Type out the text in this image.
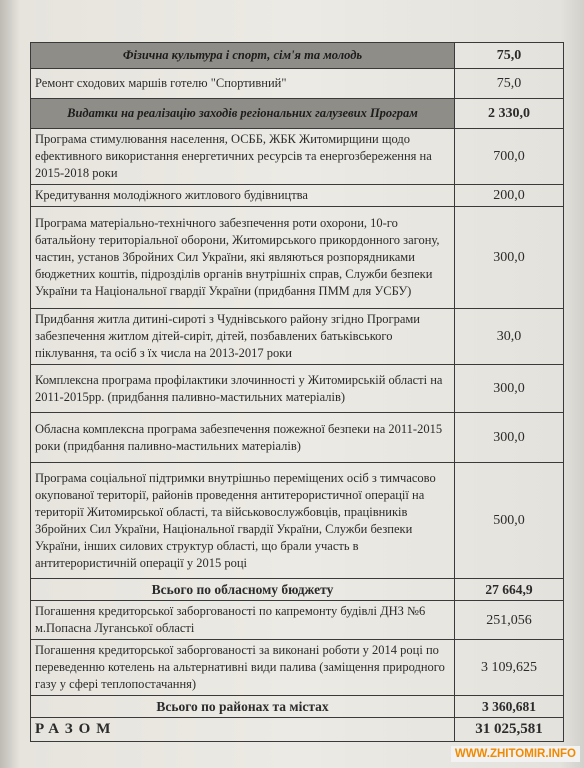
Фізична культура і спорт, сім'я та молодь	75,0
Ремонт сходових маршів готелю "Спортивний"	75,0
Видатки на реалізацію заходів регіональних галузевих Програм	2 330,0
Програма стимулювання населення, ОСББ, ЖБК Житомирщини щодо ефективного використання енергетичних ресурсів та енергозбереження на 2015-2018 роки	700,0
Кредитування молодіжного житлового будівництва	200,0
Програма матеріально-технічного забезпечення роти охорони, 10-го батальйону територіальної оборони, Житомирського прикордонного загону, частин, установ Збройних Сил України, які являються розпорядниками бюджетних коштів, підрозділів органів внутрішніх справ, Служби безпеки України та Національної гвардії України (придбання ПММ для УСБУ)	300,0
Придбання житла дитині-сироті з Чуднівського району згідно Програми забезпечення житлом дітей-сиріт, дітей, позбавлених батьківського піклування, та осіб з їх числа на 2013-2017 роки	30,0
Комплексна програма профілактики злочинності у Житомирській області на 2011-2015рр. (придбання паливно-мастильних матеріалів)	300,0
Обласна комплексна програма забезпечення пожежної безпеки на 2011-2015 роки (придбання паливно-мастильних матеріалів)	300,0
Програма соціальної підтримки внутрішньо переміщених осіб з тимчасово окупованої території, районів проведення антитерористичної операції на території Житомирської області, та військовослужбовців, працівників Збройних Сил України, Національної гвардії України, Служби безпеки України, інших силових структур області, що брали участь в антитерористичній операції у 2015 році	500,0
Всього по обласному бюджету	27 664,9
Погашення кредиторської заборгованості по капремонту будівлі ДНЗ №6 м.Попасна Луганської області	251,056
Погашення кредиторської заборгованості за виконані роботи у 2014 році по переведенню котелень на альтернативні види палива (заміщення природного газу у сфері теплопостачання)	3 109,625
Всього по районах та містах	3 360,681
РАЗОМ	31 025,581
WWW.ZHITOMIR.INFO
